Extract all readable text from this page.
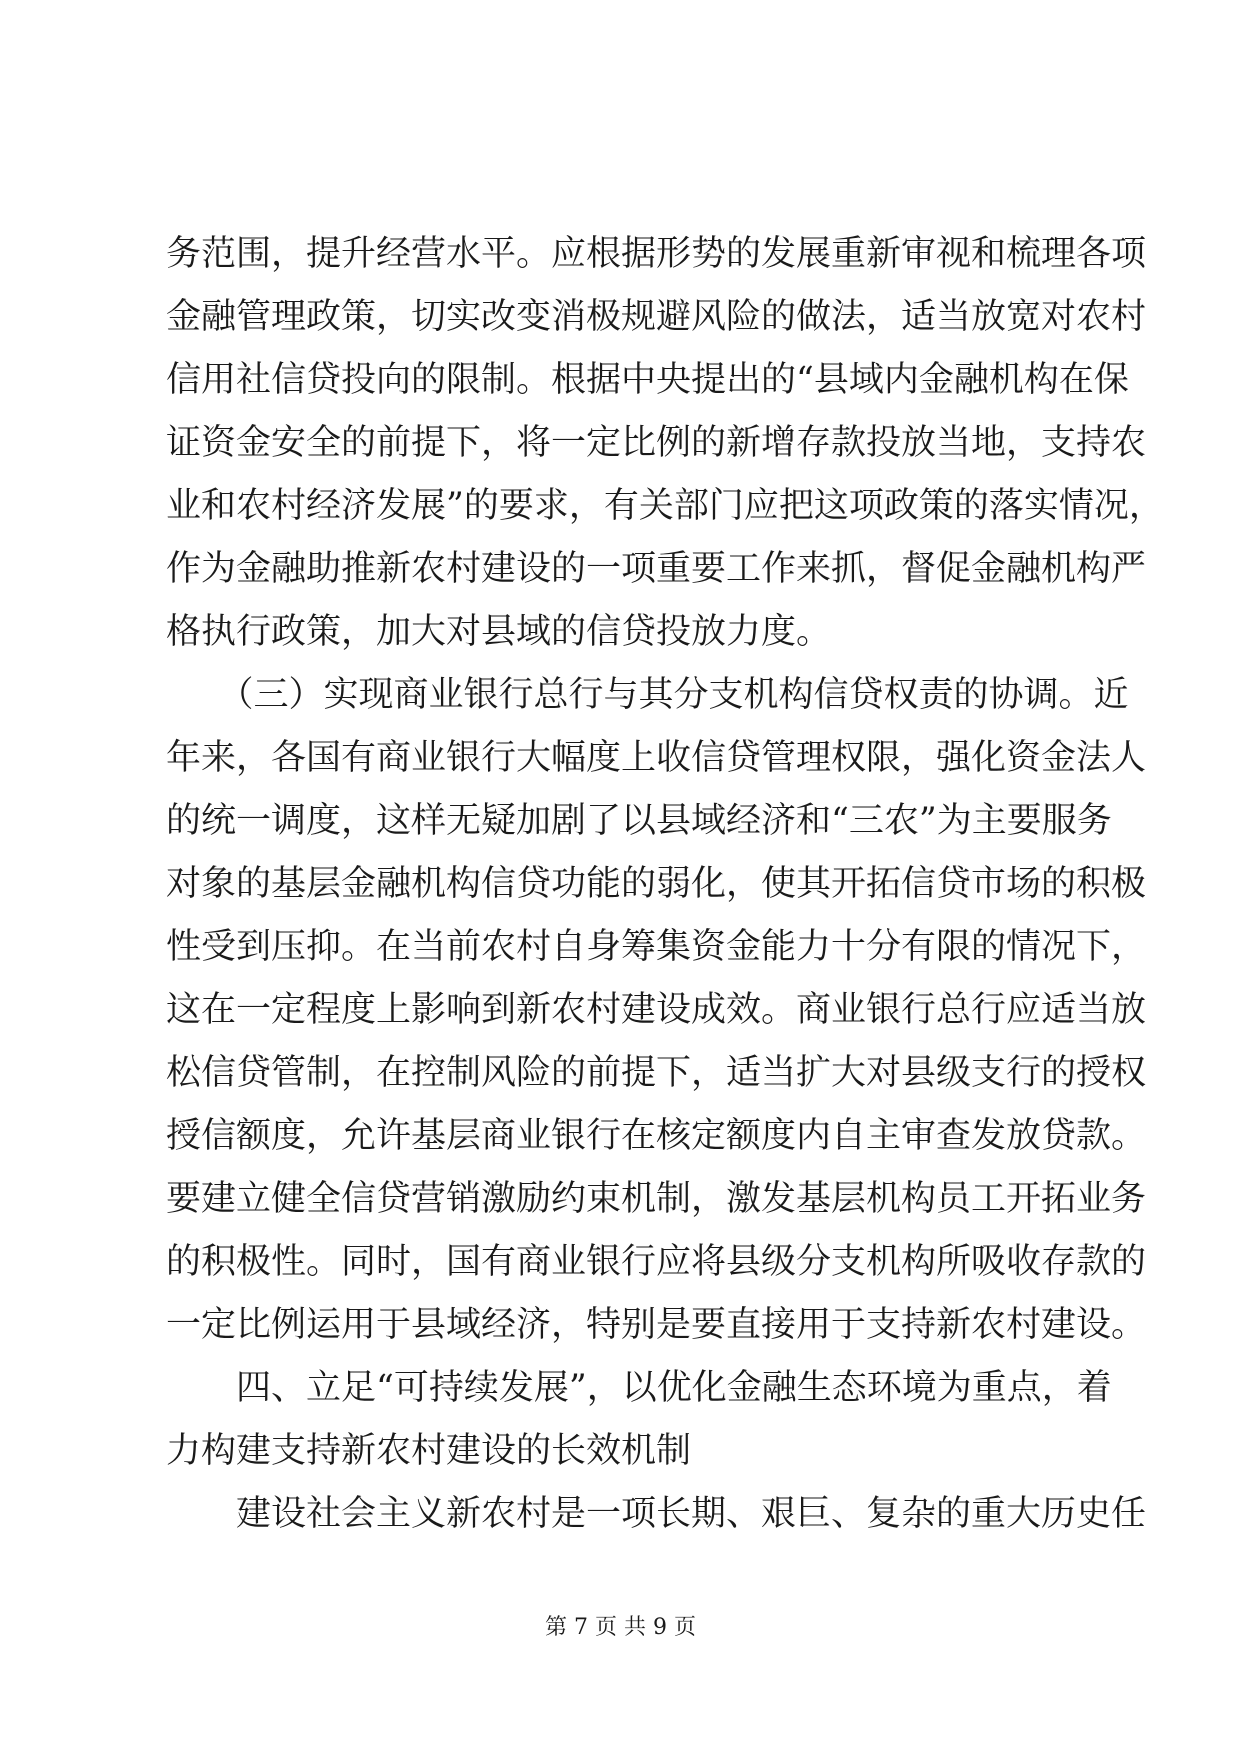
务范围，提升经营水平。应根据形势的发展重新审视和梳理各项
金融管理政策，切实改变消极规避风险的做法，适当放宽对农村
信用社信贷投向的限制。根据中央提出的“县域内金融机构在保
证资金安全的前提下，将一定比例的新增存款投放当地，支持农
业和农村经济发展”的要求，有关部门应把这项政策的落实情况，
作为金融助推新农村建设的一项重要工作来抓，督促金融机构严
格执行政策，加大对县域的信贷投放力度。
　　（三）实现商业银行总行与其分支机构信贷权责的协调。近
年来，各国有商业银行大幅度上收信贷管理权限，强化资金法人
的统一调度，这样无疑加剧了以县域经济和“三农”为主要服务
对象的基层金融机构信贷功能的弱化，使其开拓信贷市场的积极
性受到压抑。在当前农村自身筹集资金能力十分有限的情况下，
这在一定程度上影响到新农村建设成效。商业银行总行应适当放
松信贷管制，在控制风险的前提下，适当扩大对县级支行的授权
授信额度，允许基层商业银行在核定额度内自主审查发放贷款。
要建立健全信贷营销激励约束机制，激发基层机构员工开拓业务
的积极性。同时，国有商业银行应将县级分支机构所吸收存款的
一定比例运用于县域经济，特别是要直接用于支持新农村建设。
　　四、立足“可持续发展”，以优化金融生态环境为重点，着
力构建支持新农村建设的长效机制
　　建设社会主义新农村是一项长期、艰巨、复杂的重大历史任
第 7 页 共 9 页
